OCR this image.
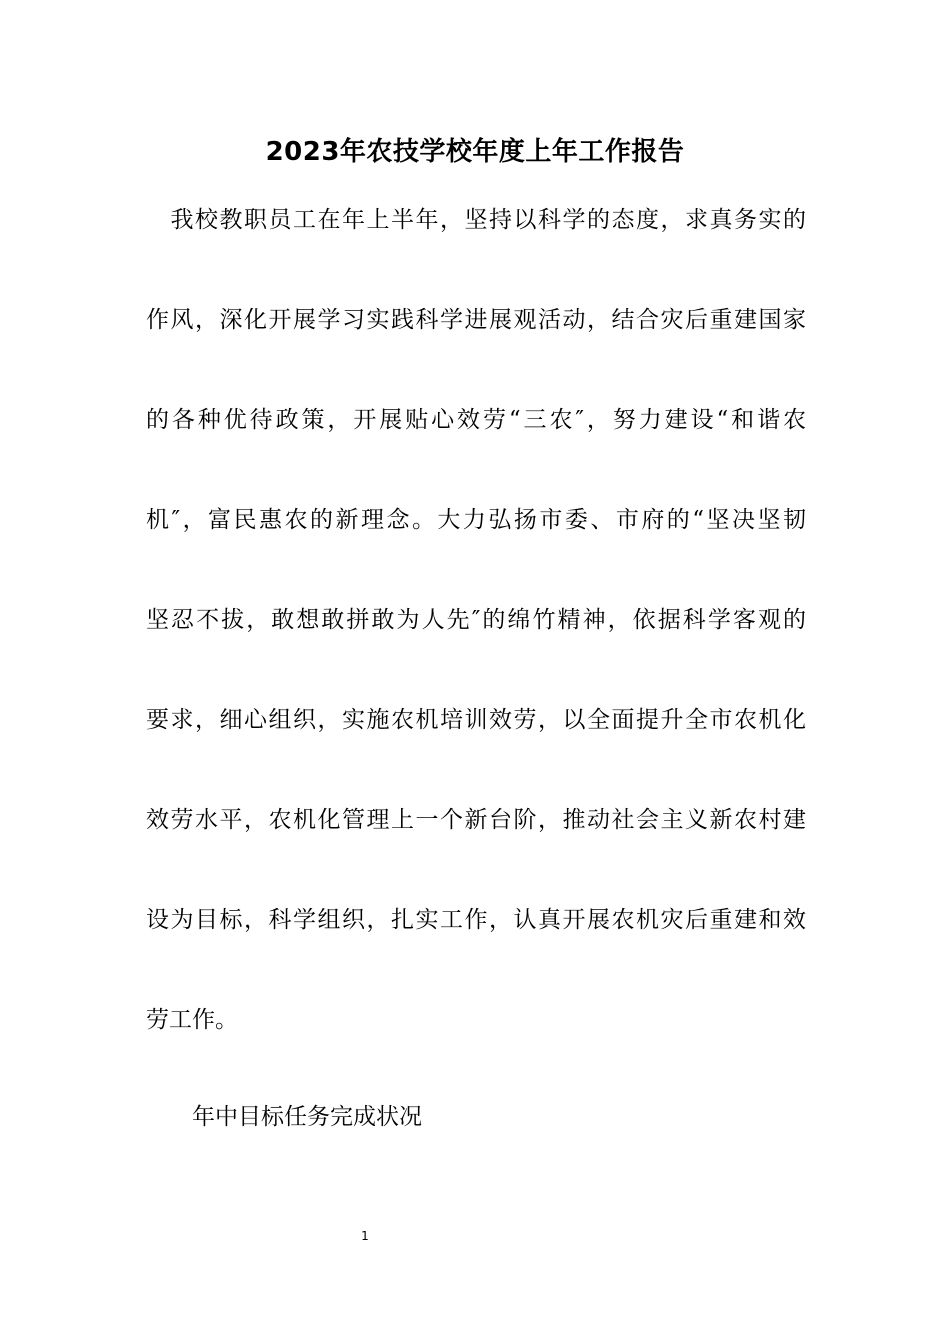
2023年农技学校年度上年工作报告
　我校教职员工在年上半年，坚持以科学的态度，求真务实的
作风，深化开展学习实践科学进展观活动，结合灾后重建国家
的各种优待政策，开展贴心效劳“三农″，努力建设“和谐农
机″，富民惠农的新理念。大力弘扬市委、市府的“坚决坚韧
坚忍不拔，敢想敢拼敢为人先″的绵竹精神，依据科学客观的
要求，细心组织，实施农机培训效劳，以全面提升全市农机化
效劳水平，农机化管理上一个新台阶，推动社会主义新农村建
设为目标，科学组织，扎实工作，认真开展农机灾后重建和效
劳工作。
年中目标任务完成状况
1
